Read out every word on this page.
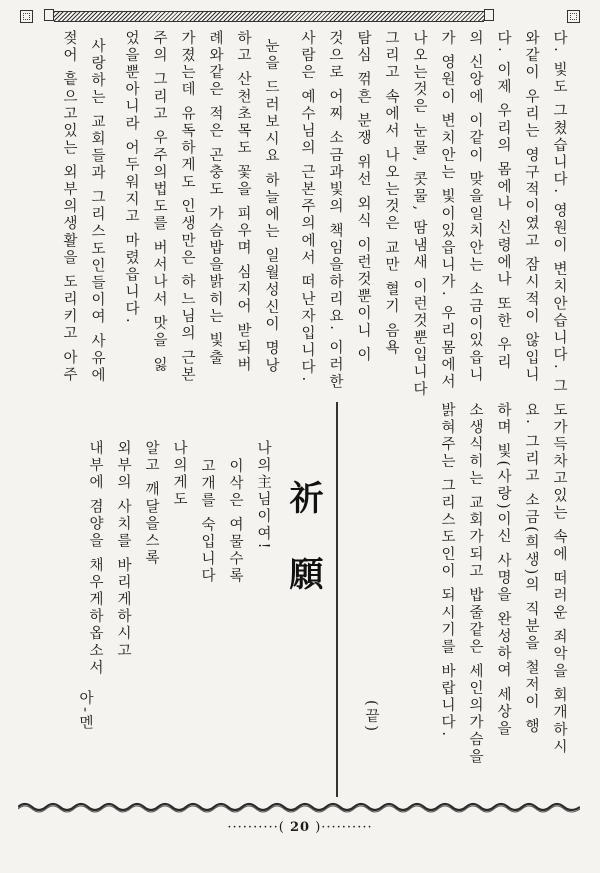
다. 빛도 그쳤습니다. 영원이 변치안습니다. 그
와같이 우리는 영구적이였고 잠시적이 않입니
다. 이제 우리의 몸에나 신령에나 또한 우리
의 신앙에 이같이 맞을일치안는 소금이있읍니
가 영원이 변치안는 빛이있읍니가. 우리몸에서
나오는것은 눈물, 콧물, 땀냄새 이런것뿐입니다
그리고 속에서 나오는것은 교만 혈기 음욕
탐심 꺾흔 분쟁 위선 외식 이런것뿐이니 이
것으로 어찌 소금과빛의 책임을하리요. 이러한
사람은 예수님의 근본주의에서 떠난자입니다.
눈을 드러보시요 하늘에는 일월성신이 명낭
하고 산천초목도 꽃을 피우며 심지어 받되버
례와같은 적은 곤충도 가슴밥을밝히는 빛출
가졌는데 유독하게도 인생만은 하느님의 근본
주의 그리고 우주의법도를 버서나서 맛을 잃
었을뿐아니라 어두워지고 마렸읍니다.
사랑하는 교회들과 그리스도인들이여 사유에
젖어 흩으고있는 외부의생활을 도리키고 아주
도가득차고있는 속에 떠러운 죄악을 회개하시
요. 그리고 소금(희생)의 직분을 철저이 행
하며 빛(사랑)이신 사명을 완성하여 세상을
소생식히는 교회가되고 밥줄같은 세인의가슴을
밝혀주는 그리스도인이 되시기를 바랍니다.
(끝)
祈願
나의主님이여!
이삭은 여물수록
고개를 숙입니다
나의게도
알고 깨달을스록
외부의 사치를 바리게하시고
내부에 겸양을 채우게하옵소서
아-멘
··········( 20 )··········
